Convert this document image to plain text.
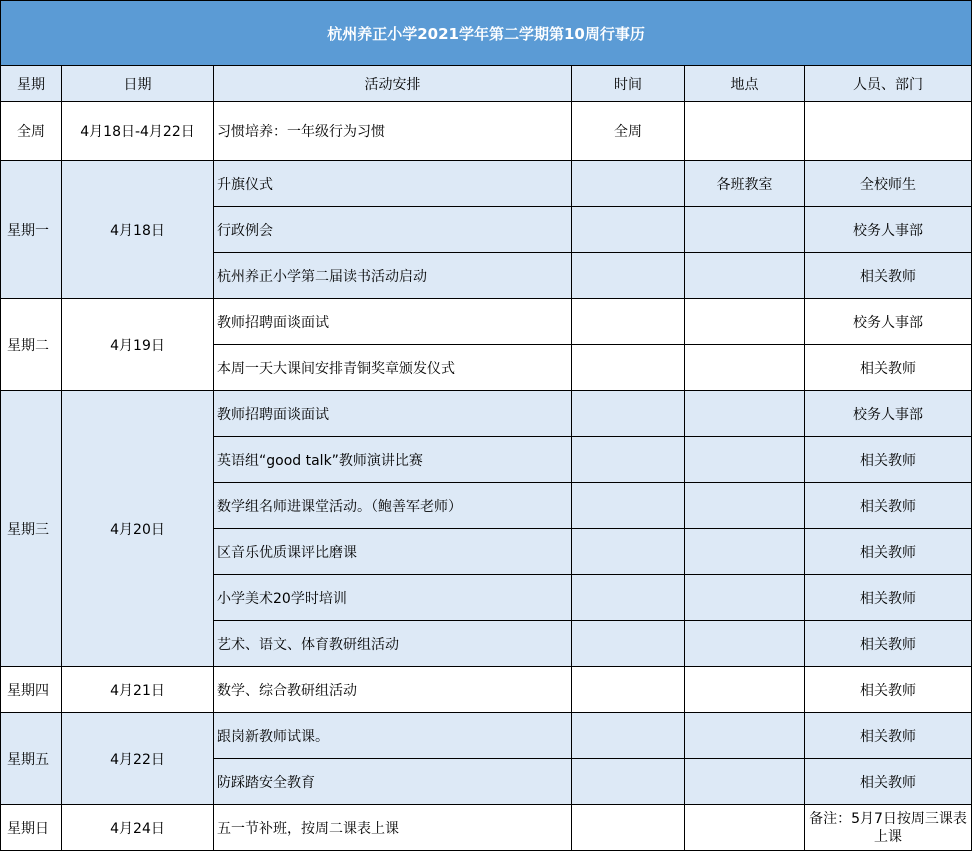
杭州养正小学2021学年第二学期第10周行事历					
星期	日期	活动安排	时间	地点	人员、部门
全周	4月18日-4月22日	习惯培养：一年级行为习惯	全周		
星期一	4月18日	升旗仪式		各班教室	全校师生
		行政例会			校务人事部
		杭州养正小学第二届读书活动启动			相关教师
星期二	4月19日	教师招聘面谈面试			校务人事部
		本周一天大课间安排青铜奖章颁发仪式			相关教师
星期三	4月20日	教师招聘面谈面试			校务人事部
		英语组“good talk”教师演讲比赛			相关教师
		数学组名师进课堂活动。（鲍善军老师）			相关教师
		区音乐优质课评比磨课			相关教师
		小学美术20学时培训			相关教师
		艺术、语文、体育教研组活动			相关教师
星期四	4月21日	数学、综合教研组活动			相关教师
星期五	4月22日	跟岗新教师试课。			相关教师
		防踩踏安全教育			相关教师
星期日	4月24日	五一节补班，按周二课表上课			备注：5月7日按周三课表上课
